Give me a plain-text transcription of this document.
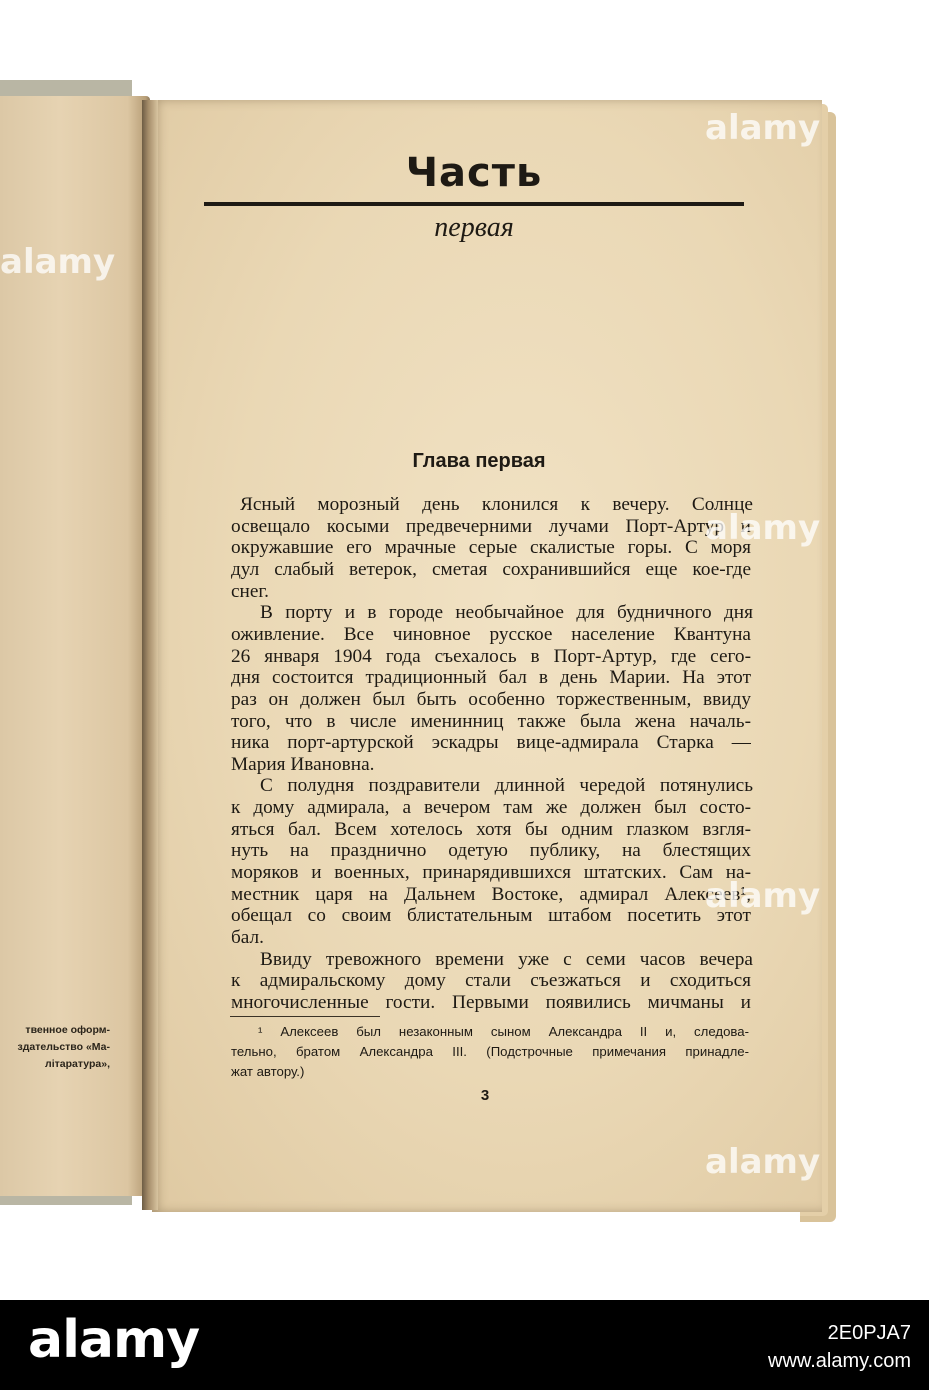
твенное оформ-
здательство «Ма-
літаратура»,
Часть
первая
Глава первая
Ясный морозный день клонился к вечеру. Солнце
освещало косыми предвечерними лучами Порт-Артур и
окружавшие его мрачные серые скалистые горы. С моря
дул слабый ветерок, сметая сохранившийся еще кое-где
снег.
В порту и в городе необычайное для будничного дня
оживление. Все чиновное русское население Квантуна
26 января 1904 года съехалось в Порт-Артур, где сего-
дня состоится традиционный бал в день Марии. На этот
раз он должен был быть особенно торжественным, ввиду
того, что в числе именинниц также была жена началь-
ника порт-артурской эскадры вице-адмирала Старка —
Мария Ивановна.
С полудня поздравители длинной чередой потянулись
к дому адмирала, а вечером там же должен был состо-
яться бал. Всем хотелось хотя бы одним глазком взгля-
нуть на празднично одетую публику, на блестящих
моряков и военных, принарядившихся штатских. Сам на-
местник царя на Дальнем Востоке, адмирал Алексеев¹,
обещал со своим блистательным штабом посетить этот
бал.
Ввиду тревожного времени уже с семи часов вечера
к адмиральскому дому стали съезжаться и сходиться
многочисленные гости. Первыми появились мичманы и
¹ Алексеев был незаконным сыном Александра II и, следова-
тельно, братом Александра III. (Подстрочные примечания принадле-
жат автору.)
3
alamy
alamy
alamy
alamy
alamy
alamy	2E0PJA7
www.alamy.com
